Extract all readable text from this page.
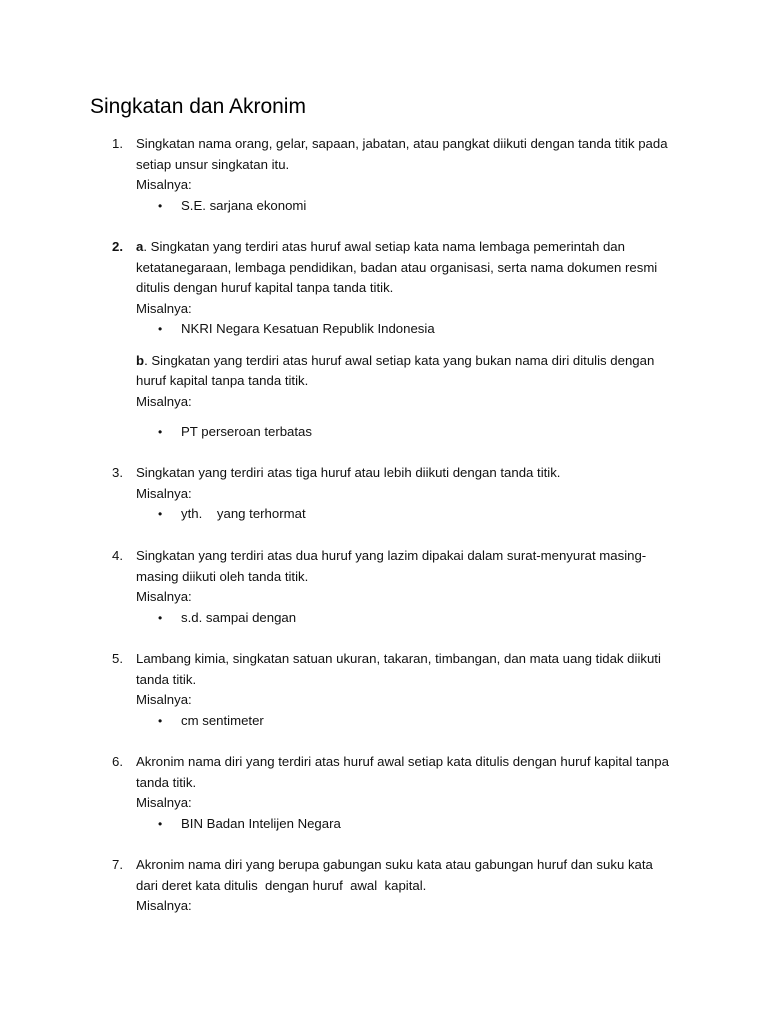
Singkatan dan Akronim
1. Singkatan nama orang, gelar, sapaan, jabatan, atau pangkat diikuti dengan tanda titik pada setiap unsur singkatan itu.

Misalnya:

• S.E. sarjana ekonomi

2. a. Singkatan yang terdiri atas huruf awal setiap kata nama lembaga pemerintah dan ketatanegaraan, lembaga pendidikan, badan atau organisasi, serta nama dokumen resmi ditulis dengan huruf kapital tanpa tanda titik.

Misalnya:

• NKRI Negara Kesatuan Republik Indonesia

b. Singkatan yang terdiri atas huruf awal setiap kata yang bukan nama diri ditulis dengan huruf kapital tanpa tanda titik.

Misalnya:

• PT perseroan terbatas

3. Singkatan yang terdiri atas tiga huruf atau lebih diikuti dengan tanda titik.

Misalnya:

• yth.    yang terhormat

4. Singkatan yang terdiri atas dua huruf yang lazim dipakai dalam surat-menyurat masing-masing diikuti oleh tanda titik.

Misalnya:

• s.d. sampai dengan

5. Lambang kimia, singkatan satuan ukuran, takaran, timbangan, dan mata uang tidak diikuti tanda titik.

Misalnya:

• cm sentimeter

6. Akronim nama diri yang terdiri atas huruf awal setiap kata ditulis dengan huruf kapital tanpa tanda titik.

Misalnya:

• BIN Badan Intelijen Negara

7. Akronim nama diri yang berupa gabungan suku kata atau gabungan huruf dan suku kata dari deret kata ditulis  dengan huruf  awal  kapital.

Misalnya:
